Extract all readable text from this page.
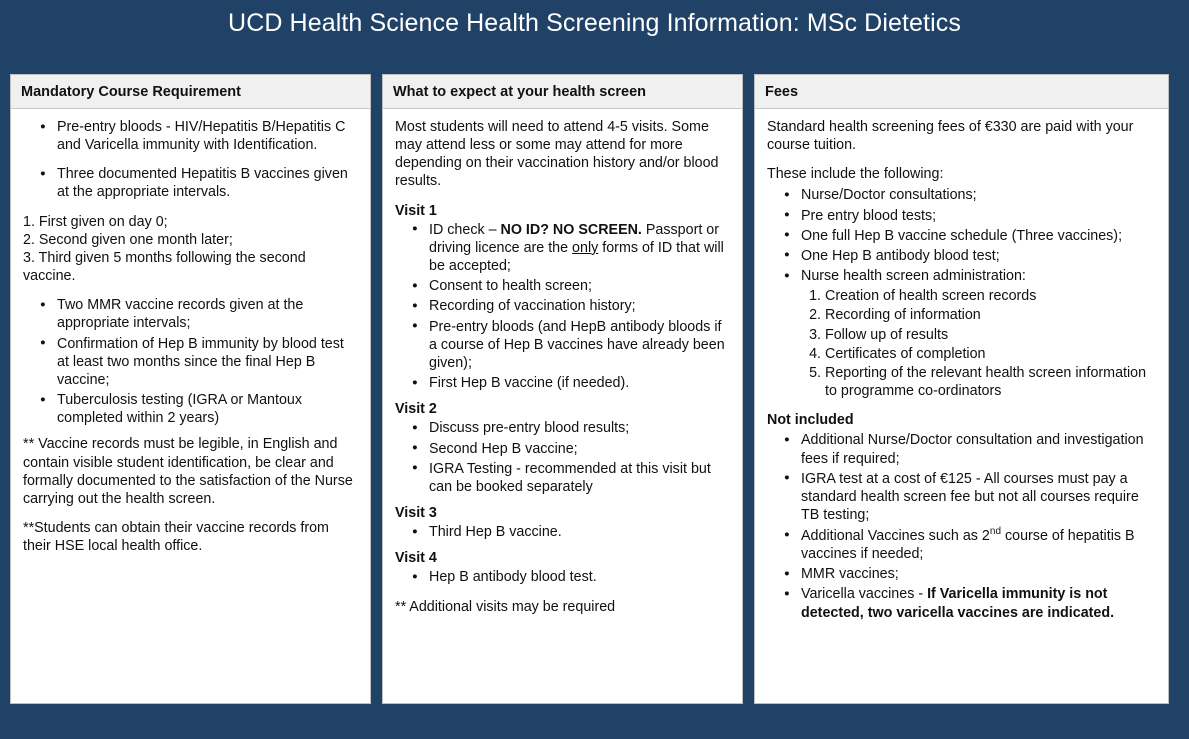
UCD Health Science Health Screening Information: MSc Dietetics
Mandatory Course Requirement
● Pre-entry bloods - HIV/Hepatitis B/Hepatitis C and Varicella immunity with Identification.
● Three documented Hepatitis B vaccines given at the appropriate intervals.
1. First given on day 0;
2. Second given one month later;
3. Third given 5 months following the second vaccine.
● Two MMR vaccine records given at the appropriate intervals;
● Confirmation of Hep B immunity by blood test at least two months since the final Hep B vaccine;
● Tuberculosis testing (IGRA or Mantoux completed within 2 years)

** Vaccine records must be legible, in English and contain visible student identification, be clear and formally documented to the satisfaction of the Nurse carrying out the health screen.

**Students can obtain their vaccine records from their HSE local health office.

What to expect at your health screen

Most students will need to attend 4-5 visits. Some may attend less or some may attend for more depending on their vaccination history and/or blood results.

Visit 1
● ID check – NO ID? NO SCREEN. Passport or driving licence are the only forms of ID that will be accepted;
● Consent to health screen;
● Recording of vaccination history;
● Pre-entry bloods (and HepB antibody bloods if a course of Hep B vaccines have already been given);
● First Hep B vaccine (if needed).
Visit 2
● Discuss pre-entry blood results;
● Second Hep B vaccine;
● IGRA Testing - recommended at this visit but can be booked separately
Visit 3
● Third Hep B vaccine.
Visit 4
● Hep B antibody blood test.

** Additional visits may be required

Fees

Standard health screening fees of €330 are paid with your course tuition.

These include the following:

● Nurse/Doctor consultations;
● Pre entry blood tests;
● One full Hep B vaccine schedule (Three vaccines);
● One Hep B antibody blood test;
● Nurse health screen administration:
1. Creation of health screen records
2. Recording of information
3. Follow up of results
4. Certificates of completion
5. Reporting of the relevant health screen information to programme co-ordinators
Not included
● Additional Nurse/Doctor consultation and investigation fees if required;
● IGRA test at a cost of €125 - All courses must pay a standard health screen fee but not all courses require TB testing;
● Additional Vaccines such as 2nd course of hepatitis B vaccines if needed;
● MMR vaccines;
● Varicella vaccines - If Varicella immunity is not detected, two varicella vaccines are indicated.
